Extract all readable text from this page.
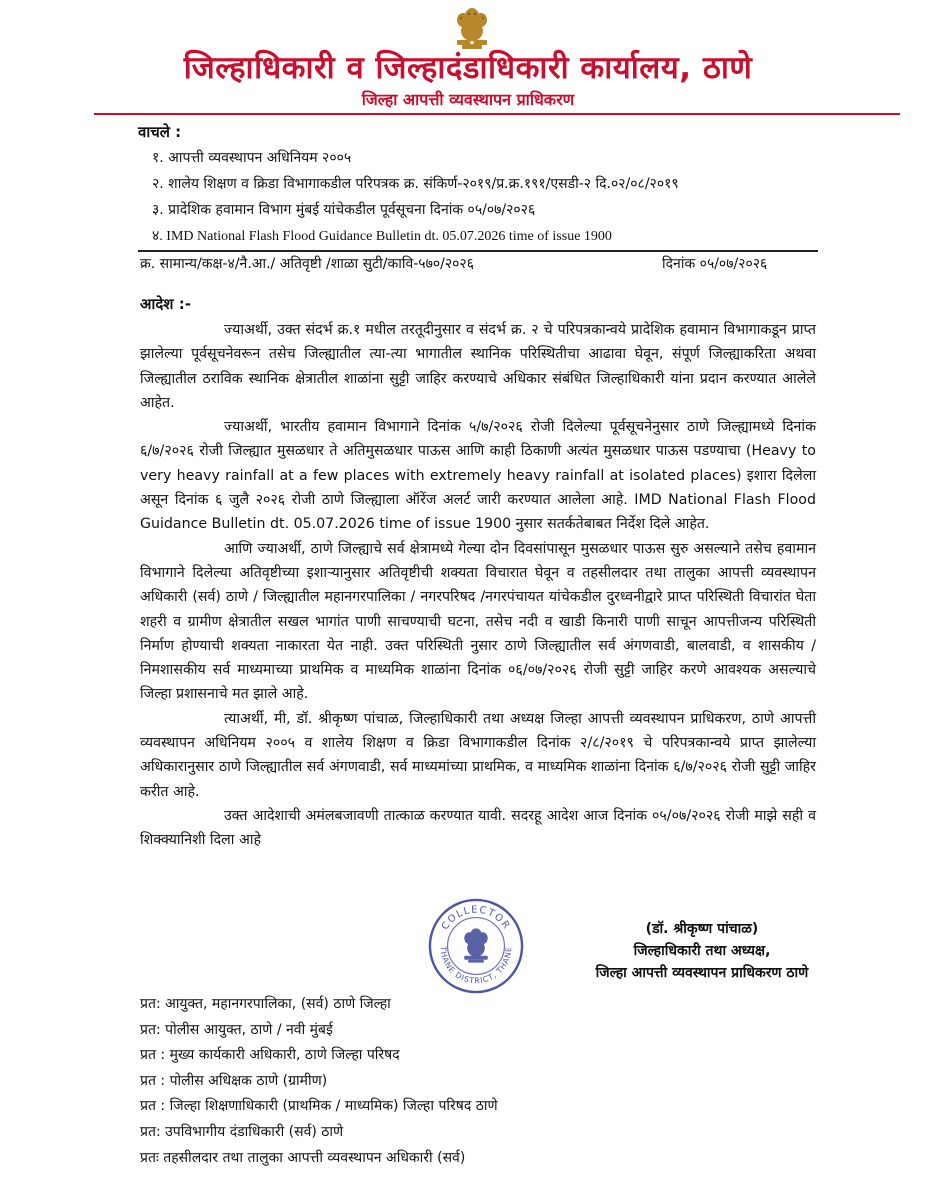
जिल्हाधिकारी व जिल्हादंडाधिकारी कार्यालय, ठाणे
जिल्हा आपत्ती व्यवस्थापन प्राधिकरण
वाचले :
१. आपत्ती व्यवस्थापन अधिनियम २००५
२. शालेय शिक्षण व क्रिडा विभागाकडील परिपत्रक क्र. संकिर्ण-२०१९/प्र.क्र.१९१/एसडी-२ दि.०२/०८/२०१९
३. प्रादेशिक हवामान विभाग मुंबई यांचेकडील पूर्वसूचना दिनांक ०५/०७/२०२६
४. IMD National Flash Flood Guidance Bulletin dt. 05.07.2026 time of issue 1900
क्र. सामान्य/कक्ष-४/नै.आ./ अतिवृष्टी /शाळा सुटी/कावि-५७०/२०२६	दिनांक ०५/०७/२०२६
आदेश :-

ज्याअर्थी, उक्त संदर्भ क्र.१ मधील तरतूदीनुसार व संदर्भ क्र. २ चे परिपत्रकान्वये प्रादेशिक हवामान विभागाकडून प्राप्त झालेल्या पूर्वसूचनेवरून तसेच जिल्ह्यातील त्या-त्या भागातील स्थानिक परिस्थितीचा आढावा घेवून, संपूर्ण जिल्ह्याकरिता अथवा जिल्ह्यातील ठराविक स्थानिक क्षेत्रातील शाळांना सुट्टी जाहिर करण्याचे अधिकार संबंधित जिल्हाधिकारी यांना प्रदान करण्यात आलेले आहेत.

ज्याअर्थी, भारतीय हवामान विभागाने दिनांक ५/७/२०२६ रोजी दिलेल्या पूर्वसूचनेनुसार ठाणे जिल्ह्यामध्ये दिनांक ६/७/२०२६ रोजी जिल्ह्यात मुसळधार ते अतिमुसळधार पाऊस आणि काही ठिकाणी अत्यंत मुसळधार पाऊस पडण्याचा (Heavy to very heavy rainfall at a few places with extremely heavy rainfall at isolated places) इशारा दिलेला असून दिनांक ६ जुलै २०२६ रोजी ठाणे जिल्ह्याला ऑरेंज अलर्ट जारी करण्यात आलेला आहे. IMD National Flash Flood Guidance Bulletin dt. 05.07.2026 time of issue 1900 नुसार सतर्कतेबाबत निर्देश दिले आहेत.

आणि ज्याअर्थी, ठाणे जिल्ह्याचे सर्व क्षेत्रामध्ये गेल्या दोन दिवसांपासून मुसळधार पाऊस सुरु असल्याने तसेच हवामान विभागाने दिलेल्या अतिवृष्टीच्या इशाऱ्यानुसार अतिवृष्टीची शक्यता विचारात घेवून व तहसीलदार तथा तालुका आपत्ती व्यवस्थापन अधिकारी (सर्व) ठाणे / जिल्ह्यातील महानगरपालिका / नगरपरिषद /नगरपंचायत यांचेकडील दुरध्वनीद्वारे प्राप्त परिस्थिती विचारांत घेता शहरी व ग्रामीण क्षेत्रातील सखल भागांत पाणी साचण्याची घटना, तसेच नदी व खाडी किनारी पाणी साचून आपत्तीजन्य परिस्थिती निर्माण होण्याची शक्यता नाकारता येत नाही. उक्त परिस्थिती नुसार ठाणे जिल्ह्यातील सर्व अंगणवाडी, बालवाडी, व शासकीय / निमशासकीय सर्व माध्यमाच्या प्राथमिक व माध्यमिक शाळांना दिनांक ०६/०७/२०२६ रोजी सुट्टी जाहिर करणे आवश्यक असल्याचे जिल्हा प्रशासनाचे मत झाले आहे.

त्याअर्थी, मी, डॉ. श्रीकृष्ण पांचाळ, जिल्हाधिकारी तथा अध्यक्ष जिल्हा आपत्ती व्यवस्थापन प्राधिकरण, ठाणे आपत्ती व्यवस्थापन अधिनियम २००५ व शालेय शिक्षण व क्रिडा विभागाकडील दिनांक २/८/२०१९ चे परिपत्रकान्वये प्राप्त झालेल्या अधिकारानुसार ठाणे जिल्ह्यातील सर्व अंगणवाडी, सर्व माध्यमांच्या प्राथमिक, व माध्यमिक शाळांना दिनांक ६/७/२०२६ रोजी सुट्टी जाहिर करीत आहे.

उक्त आदेशाची अमंलबजावणी तात्काळ करण्यात यावी. सदरहू आदेश आज दिनांक ०५/०७/२०२६ रोजी माझे सही व शिक्क्यानिशी दिला आहे

COLLECTOR
THANE DISTRICT, THANE
(डॉ. श्रीकृष्ण पांचाळ)
जिल्हाधिकारी तथा अध्यक्ष,
जिल्हा आपत्ती व्यवस्थापन प्राधिकरण ठाणे
प्रत: आयुक्त, महानगरपालिका, (सर्व) ठाणे जिल्हा
प्रत: पोलीस आयुक्त, ठाणे / नवी मुंबई
प्रत : मुख्य कार्यकारी अधिकारी, ठाणे जिल्हा परिषद
प्रत : पोलीस अधिक्षक ठाणे (ग्रामीण)
प्रत : जिल्हा शिक्षणाधिकारी (प्राथमिक / माध्यमिक) जिल्हा परिषद ठाणे
प्रत: उपविभागीय दंडाधिकारी (सर्व) ठाणे
प्रतः तहसीलदार तथा तालुका आपत्ती व्यवस्थापन अधिकारी (सर्व)
